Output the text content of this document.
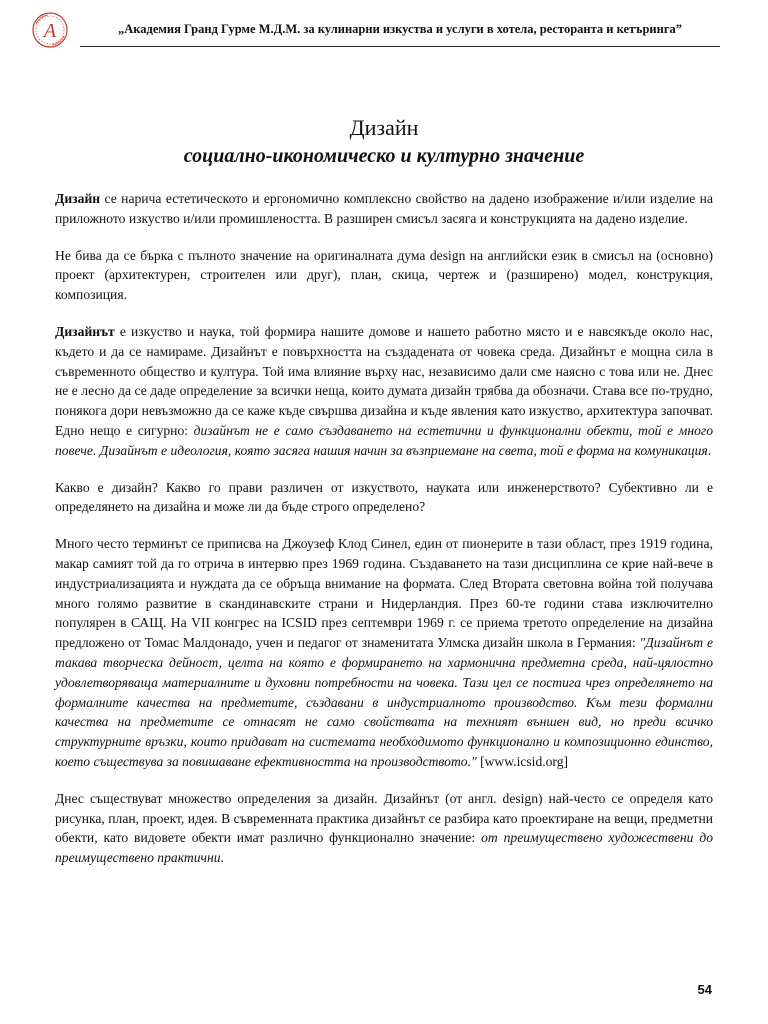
А	„Академия Гранд Гурме М.Д.М. за кулинарни изкуства и услуги в хотела, ресторанта и кетъринга”
Дизайн
социално-икономическо и културно значение

Дизайн се нарича естетическото и ергономично комплексно свойство на дадено изображение и/или изделие на приложното изкуство и/или промишлеността. В разширен смисъл засяга и конструкцията на дадено изделие.

Не бива да се бърка с пълното значение на оригиналната дума design на английски език в смисъл на (основно) проект (архитектурен, строителен или друг), план, скица, чертеж и (разширено) модел, конструкция, композиция.

Дизайнът е изкуство и наука, той формира нашите домове и нашето работно място и е навсякъде около нас, където и да се намираме. Дизайнът е повърхността на създадената от човека среда. Дизайнът е мощна сила в съвременното общество и култура. Той има влияние върху нас, независимо дали сме наясно с това или не. Днес не е лесно да се даде определение за всички неща, които думата дизайн трябва да обозначи. Става все по-трудно, понякога дори невъзможно да се каже къде свършва дизайна и къде явления като изкуство, архитектура започват. Едно нещо е сигурно: дизайнът не е само създаването на естетични и функционални обекти, той е много повече. Дизайнът е идеология, която засяга нашия начин за възприемане на света, той е форма на комуникация.

Какво е дизайн? Какво го прави различен от изкуството, науката или инженерството? Субективно ли е определянето на дизайна и може ли да бъде строго определено?

Много често терминът се приписва на Джоузеф Клод Синел, един от пионерите в тази област, през 1919 година, макар самият той да го отрича в интервю през 1969 година. Създаването на тази дисциплина се крие най-вече в индустриализацията и нуждата да се обръща внимание на формата. След Втората световна война той получава много голямо развитие в скандинавските страни и Нидерландия. През 60-те години става изключително популярен в САЩ. На VII конгрес на ICSID през септември 1969 г. се приема третото определение на дизайна предложено от Томас Малдонадо, учен и педагог от знаменитата Улмска дизайн школа в Германия: "Дизайнът е такава творческа дейност, целта на която е формирането на хармонична предметна среда, най-цялостно удовлетворяваща материалните и духовни потребности на човека. Тази цел се постига чрез определянето на формалните качества на предметите, създавани в индустриалното производство. Към тези формални качества на предметите се отнасят не само свойствата на техният външен вид, но преди всичко структурните връзки, които придават на системата необходимото функционално и композиционно единство, което съществува за повишаване ефективността на производството." [www.icsid.org]

Днес съществуват множество определения за дизайн. Дизайнът (от англ. design) най-често се определя като рисунка, план, проект, идея. В съвременната практика дизайнът се разбира като проектиране на вещи, предметни обекти, като видовете обекти имат различно функционално значение: от преимуществено художествени до преимуществено практични.

54
